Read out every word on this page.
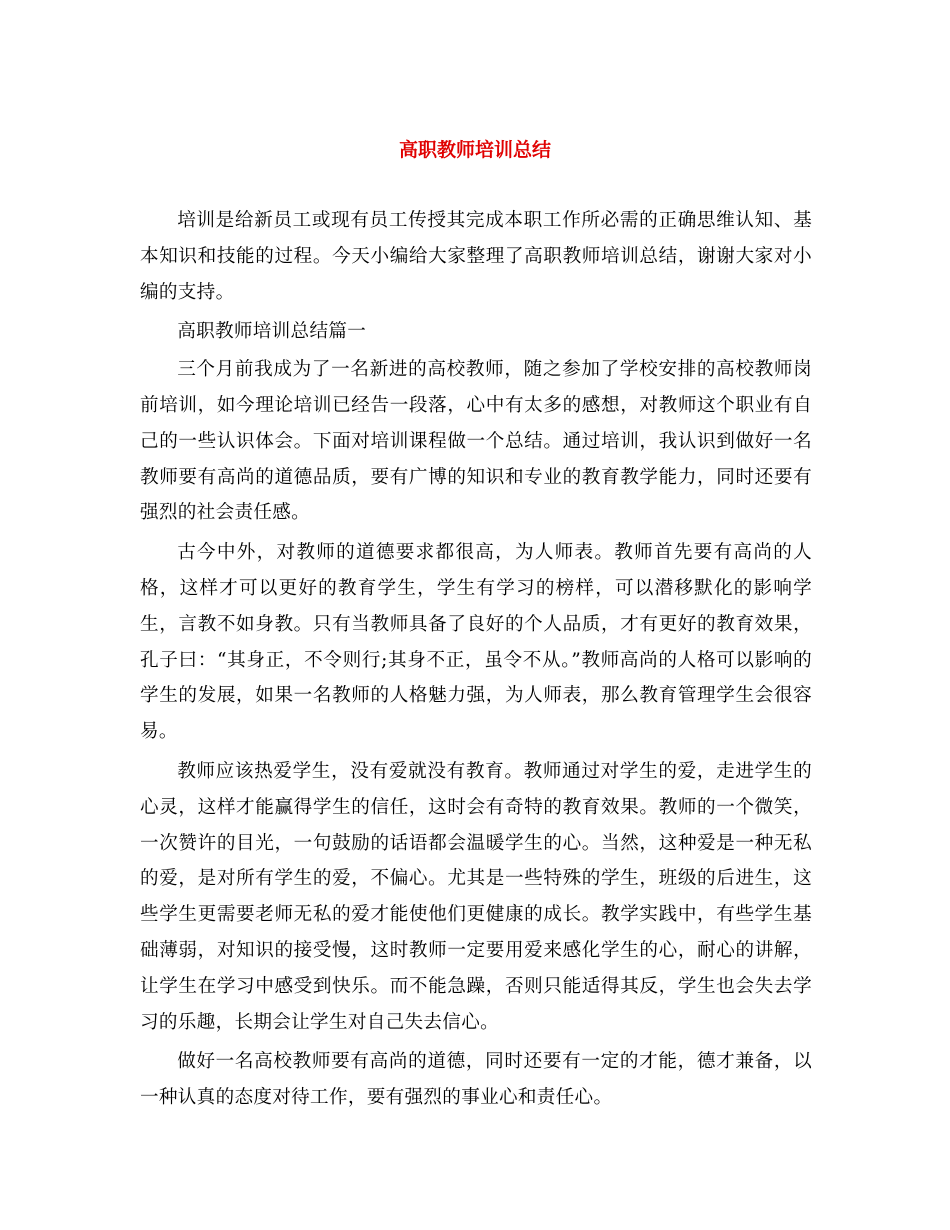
高职教师培训总结

培训是给新员工或现有员工传授其完成本职工作所必需的正确思维认知、基本知识和技能的过程。今天小编给大家整理了高职教师培训总结，谢谢大家对小编的支持。

高职教师培训总结篇一

三个月前我成为了一名新进的高校教师，随之参加了学校安排的高校教师岗前培训，如今理论培训已经告一段落，心中有太多的感想，对教师这个职业有自己的一些认识体会。下面对培训课程做一个总结。通过培训，我认识到做好一名教师要有高尚的道德品质，要有广博的知识和专业的教育教学能力，同时还要有强烈的社会责任感。

古今中外，对教师的道德要求都很高，为人师表。教师首先要有高尚的人格，这样才可以更好的教育学生，学生有学习的榜样，可以潜移默化的影响学生，言教不如身教。只有当教师具备了良好的个人品质，才有更好的教育效果，孔子曰：“其身正，不令则行;其身不正，虽令不从。”教师高尚的人格可以影响的学生的发展，如果一名教师的人格魅力强，为人师表，那么教育管理学生会很容易。

教师应该热爱学生，没有爱就没有教育。教师通过对学生的爱，走进学生的心灵，这样才能赢得学生的信任，这时会有奇特的教育效果。教师的一个微笑，一次赞许的目光，一句鼓励的话语都会温暖学生的心。当然，这种爱是一种无私的爱，是对所有学生的爱，不偏心。尤其是一些特殊的学生，班级的后进生，这些学生更需要老师无私的爱才能使他们更健康的成长。教学实践中，有些学生基础薄弱，对知识的接受慢，这时教师一定要用爱来感化学生的心，耐心的讲解，让学生在学习中感受到快乐。而不能急躁，否则只能适得其反，学生也会失去学习的乐趣，长期会让学生对自己失去信心。

做好一名高校教师要有高尚的道德，同时还要有一定的才能，德才兼备，以一种认真的态度对待工作，要有强烈的事业心和责任心。
